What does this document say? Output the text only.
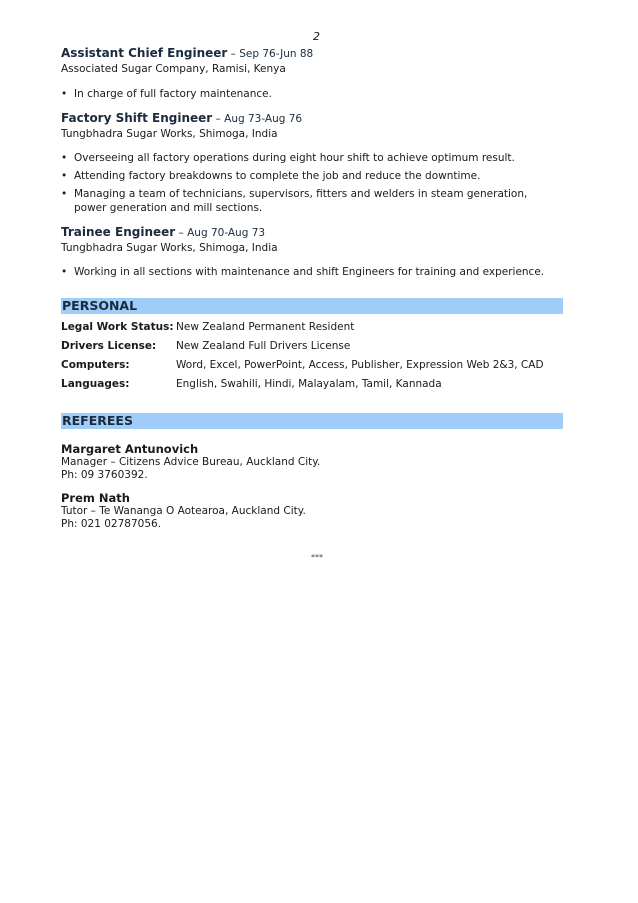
2

Assistant Chief Engineer – Sep 76-Jun 88

Associated Sugar Company, Ramisi, Kenya

• In charge of full factory maintenance.

Factory Shift Engineer – Aug 73-Aug 76

Tungbhadra Sugar Works, Shimoga, India

• Overseeing all factory operations during eight hour shift to achieve optimum result.
• Attending factory breakdowns to complete the job and reduce the downtime.
• Managing a team of technicians, supervisors, fitters and welders in steam generation, power generation and mill sections.

Trainee Engineer – Aug 70-Aug 73

Tungbhadra Sugar Works, Shimoga, India

• Working in all sections with maintenance and shift Engineers for training and experience.
PERSONAL
Legal Work Status: New Zealand Permanent Resident
Drivers License:	New Zealand Full Drivers License
Computers:	Word, Excel, PowerPoint, Access, Publisher, Expression Web 2&3, CAD
Languages:	English, Swahili, Hindi, Malayalam, Tamil, Kannada
REFEREES

Margaret Antunovich

Manager – Citizens Advice Bureau, Auckland City.

Ph: 09 3760392.

Prem Nath

Tutor – Te Wananga O Aotearoa, Auckland City.

Ph: 021 02787056.

***
